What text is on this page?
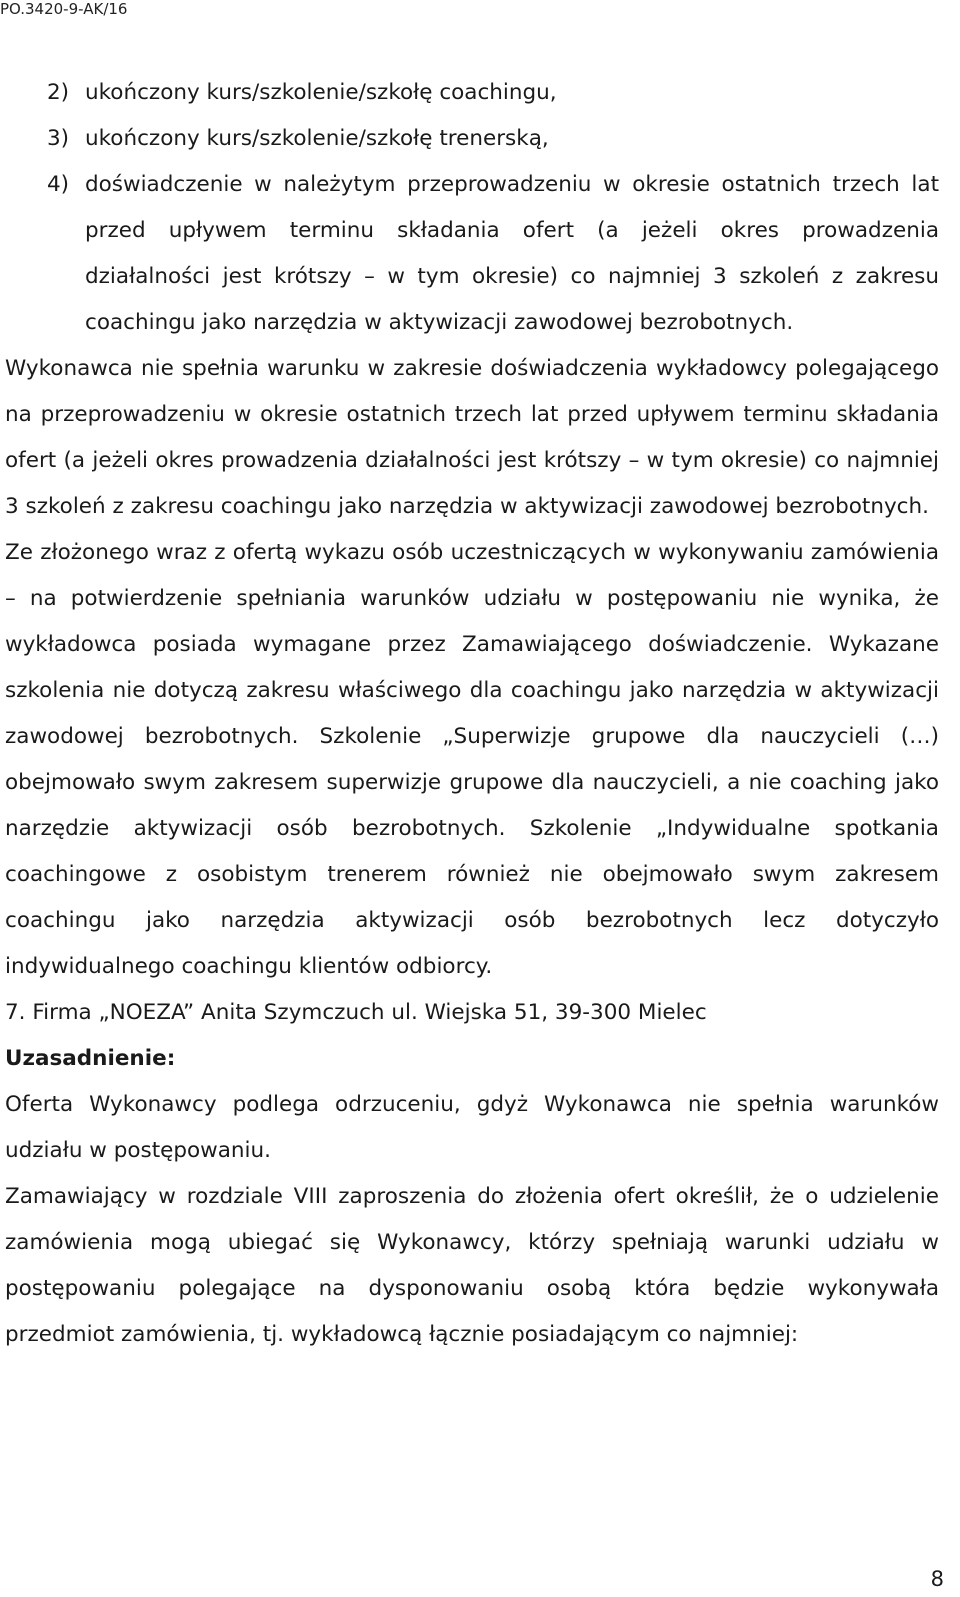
PO.3420-9-AK/16
2) ukończony kurs/szkolenie/szkołę coachingu,
3) ukończony kurs/szkolenie/szkołę trenerską,
4) doświadczenie w należytym przeprowadzeniu w okresie ostatnich trzech lat przed upływem terminu składania ofert (a jeżeli okres prowadzenia działalności jest krótszy – w tym okresie) co najmniej 3 szkoleń z zakresu coachingu jako narzędzia w aktywizacji zawodowej bezrobotnych.

Wykonawca nie spełnia warunku w zakresie doświadczenia wykładowcy polegającego na przeprowadzeniu w okresie ostatnich trzech lat przed upływem terminu składania ofert (a jeżeli okres prowadzenia działalności jest krótszy – w tym okresie) co najmniej 3 szkoleń z zakresu coachingu jako narzędzia w aktywizacji zawodowej bezrobotnych.

Ze złożonego wraz z ofertą wykazu osób uczestniczących w wykonywaniu zamówienia – na potwierdzenie spełniania warunków udziału w postępowaniu nie wynika, że wykładowca posiada wymagane przez Zamawiającego doświadczenie. Wykazane szkolenia nie dotyczą zakresu właściwego dla coachingu jako narzędzia w aktywizacji zawodowej bezrobotnych. Szkolenie „Superwizje grupowe dla nauczycieli (…) obejmowało swym zakresem superwizje grupowe dla nauczycieli, a nie coaching jako narzędzie aktywizacji osób bezrobotnych. Szkolenie „Indywidualne spotkania coachingowe z osobistym trenerem również nie obejmowało swym zakresem coachingu jako narzędzia aktywizacji osób bezrobotnych lecz dotyczyło indywidualnego coachingu klientów odbiorcy.

7. Firma „NOEZA” Anita Szymczuch ul. Wiejska 51, 39-300 Mielec

Uzasadnienie:

Oferta Wykonawcy podlega odrzuceniu, gdyż Wykonawca nie spełnia warunków udziału w postępowaniu.

Zamawiający w rozdziale VIII zaproszenia do złożenia ofert określił, że o udzielenie zamówienia mogą ubiegać się Wykonawcy, którzy spełniają warunki udziału w postępowaniu polegające na dysponowaniu osobą która będzie wykonywała przedmiot zamówienia, tj. wykładowcą łącznie posiadającym co najmniej:

8
